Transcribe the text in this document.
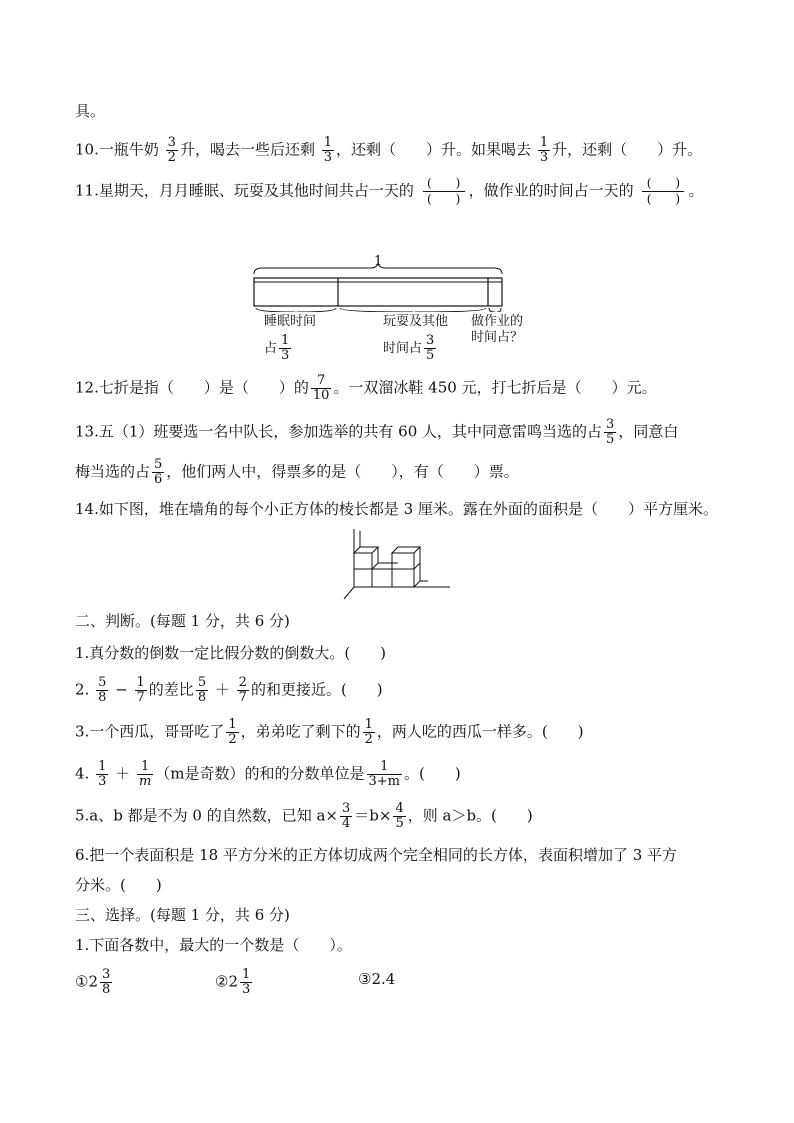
具。
10.一瓶牛奶 $\frac{3}{2}$ 升，喝去一些后还剩 $\frac{1}{3}$ ，还剩（　　）升。如果喝去 $\frac{1}{3}$ 升，还剩（　　）升。
11.星期天，月月睡眠、玩耍及其他时间共占一天的 $\frac{( )}{( )}$ ，做作业的时间占一天的 $\frac{( )}{( )}$ 。
1
睡眠时间
占 $\frac{1}{3}$
玩耍及其他
时间占 $\frac{3}{5}$
做作业的
时间占？
12.七折是指（　　）是（　　）的 $\frac{7}{10}$ 。一双溜冰鞋 450 元，打七折后是（　　）元。
13.五（1）班要选一名中队长，参加选举的共有 60 人，其中同意雷鸣当选的占 $\frac{3}{5}$ ，同意白
梅当选的占 $\frac{5}{6}$ ，他们两人中，得票多的是（　　），有（　　）票。
14.如下图，堆在墙角的每个小正方体的棱长都是 3 厘米。露在外面的面积是（　　）平方厘米。
二、判断。(每题 1 分，共 6 分)
1.真分数的倒数一定比假分数的倒数大。(　　)
2. $\frac{5}{8} - \frac{1}{7}$ 的差比 $\frac{5}{8} + \frac{2}{7}$ 的和更接近。(　　)
3.一个西瓜，哥哥吃了 $\frac{1}{2}$ ，弟弟吃了剩下的 $\frac{1}{2}$ ，两人吃的西瓜一样多。(　　)
4. $\frac{1}{3} + \frac{1}{m} (m$是奇数）的和的分数单位是 $\frac{1}{3+m}$ 。(　　)
5.a、b 都是不为 0 的自然数，已知 $a\times \frac{3}{4} =b\times \frac{4}{5}$ ，则 a＞b。(　　)
6.把一个表面积是 18 平方分米的正方体切成两个完全相同的长方体，表面积增加了 3 平方
分米。(　　)
三、选择。(每题 1 分，共 6 分)
1.下面各数中，最大的一个数是（　　）。
①2 $\frac{3}{8}$	②2 $\frac{1}{3}$	③2.4
